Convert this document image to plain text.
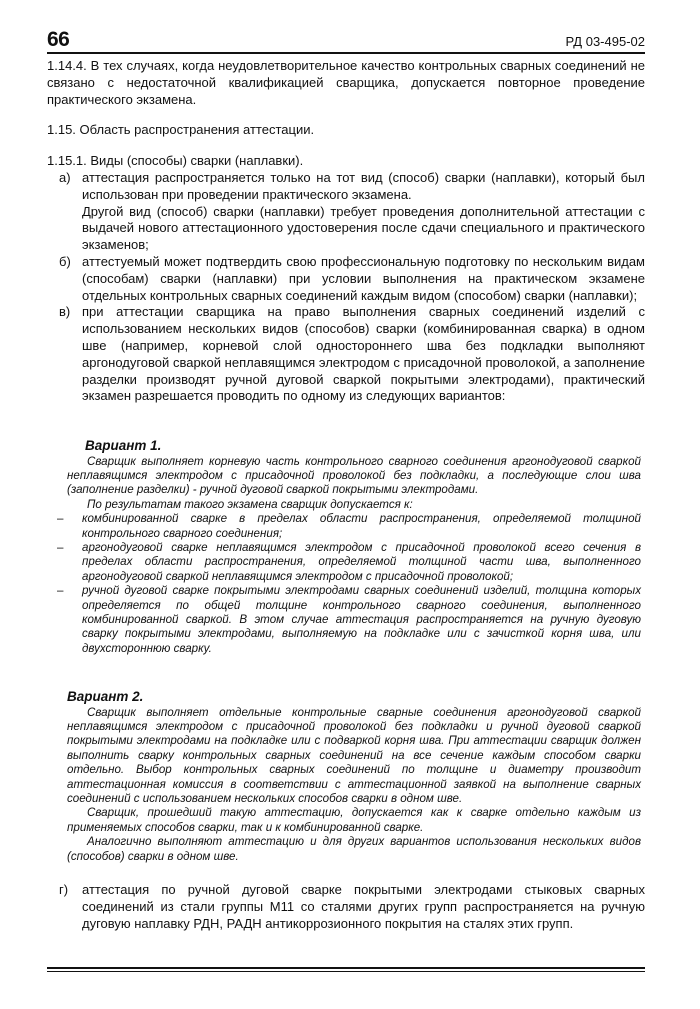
66	РД 03-495-02

1.14.4. В тех случаях, когда неудовлетворительное качество контрольных сварных соединений не связано с недостаточной квалификацией сварщика, допускается повторное проведение практического экзамена.

1.15. Область распространения аттестации.

1.15.1. Виды (способы) сварки (наплавки).

а) аттестация распространяется только на тот вид (способ) сварки (наплавки), который был использован при проведении практического экзамена.

Другой вид (способ) сварки (наплавки) требует проведения дополнительной аттестации с выдачей нового аттестационного удостоверения после сдачи специального и практического экзаменов;

б) аттестуемый может подтвердить свою профессиональную подготовку по нескольким видам (способам) сварки (наплавки) при условии выполнения на практическом экзамене отдельных контрольных сварных соединений каждым видом (способом) сварки (наплавки);
в) при аттестации сварщика на право выполнения сварных соединений изделий с использованием нескольких видов (способов) сварки (комбинированная сварка) в одном шве (например, корневой слой одностороннего шва без подкладки выполняют аргонодуговой сваркой неплавящимся электродом с присадочной проволокой, а заполнение разделки производят ручной дуговой сваркой покрытыми электродами), практический экзамен разрешается проводить по одному из следующих вариантов:
Вариант 1.

Сварщик выполняет корневую часть контрольного сварного соединения аргонодуговой сваркой неплавящимся электродом с присадочной проволокой без подкладки, а последующие слои шва (заполнение разделки) - ручной дуговой сваркой покрытыми электродами.

По результатам такого экзамена сварщик допускается к:

–	комбинированной сварке в пределах области распространения, определяемой толщиной контрольного сварного соединения;
–	аргонодуговой сварке неплавящимся электродом с присадочной проволокой всего сечения в пределах области распространения, определяемой толщиной части шва, выполненного аргонодуговой сваркой неплавящимся электродом с присадочной проволокой;
–	ручной дуговой сварке покрытыми электродами сварных соединений изделий, толщина которых определяется по общей толщине контрольного сварного соединения, выполненного комбинированной сваркой. В этом случае аттестация распространяется на ручную дуговую сварку покрытыми электродами, выполняемую на подкладке или с зачисткой корня шва, или двухстороннюю сварку.
Вариант 2.

Сварщик выполняет отдельные контрольные сварные соединения аргонодуговой сваркой неплавящимся электродом с присадочной проволокой без подкладки и ручной дуговой сваркой покрытыми электродами на подкладке или с подваркой корня шва. При аттестации сварщик должен выполнить сварку контрольных сварных соединений на все сечение каждым способом сварки отдельно. Выбор контрольных сварных соединений по толщине и диаметру производит аттестационная комиссия в соответствии с аттестационной заявкой на выполнение сварных соединений с использованием нескольких способов сварки в одном шве.

Сварщик, прошедший такую аттестацию, допускается как к сварке отдельно каждым из применяемых способов сварки, так и к комбинированной сварке.

Аналогично выполняют аттестацию и для других вариантов использования нескольких видов (способов) сварки в одном шве.

г)	аттестация по ручной дуговой сварке покрытыми электродами стыковых сварных соединений из стали группы М11 со сталями других групп распространяется на ручную дуговую наплавку РДН, РАДН антикоррозионного покрытия на сталях этих групп.
